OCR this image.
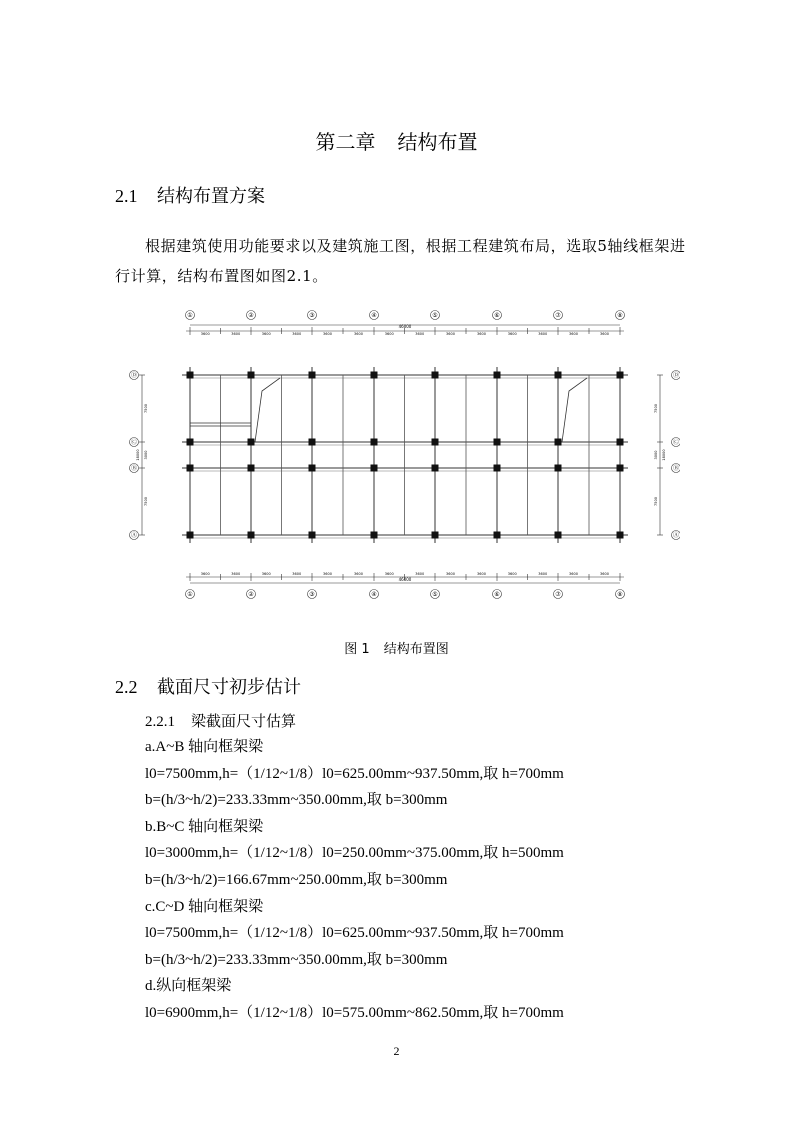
第二章 结构布置
2.1 结构布置方案

根据建筑使用功能要求以及建筑施工图，根据工程建筑布局，选取5轴线框架进

行计算，结构布置图如图2.1。
3600
3600
3600
3600
3600
3600
3600
3600
3600
3600
3600
3600
3600
3600
3600
3600
3600
3600
3600
3600
3600
3600
3600
3600
3600
3600
3600
3600
46000
46000
7500	7500
3000	3000
7500	7500
18000	18000
①
①
②
②
③
③
④
④
⑤
⑤
⑥
⑥
⑦
⑦
⑧
⑧
Ⓓ	Ⓓ
Ⓒ	Ⓒ
Ⓑ	Ⓑ
Ⓐ	Ⓐ
图 1 结构布置图
2.2 截面尺寸初步估计
2.2.1 梁截面尺寸估算
a.A~B 轴向框架梁
l0=7500mm,h=（1/12~1/8）l0=625.00mm~937.50mm,取 h=700mm
b=(h/3~h/2)=233.33mm~350.00mm,取 b=300mm
b.B~C 轴向框架梁
l0=3000mm,h=（1/12~1/8）l0=250.00mm~375.00mm,取 h=500mm
b=(h/3~h/2)=166.67mm~250.00mm,取 b=300mm
c.C~D 轴向框架梁
l0=7500mm,h=（1/12~1/8）l0=625.00mm~937.50mm,取 h=700mm
b=(h/3~h/2)=233.33mm~350.00mm,取 b=300mm
d.纵向框架梁
l0=6900mm,h=（1/12~1/8）l0=575.00mm~862.50mm,取 h=700mm
2
